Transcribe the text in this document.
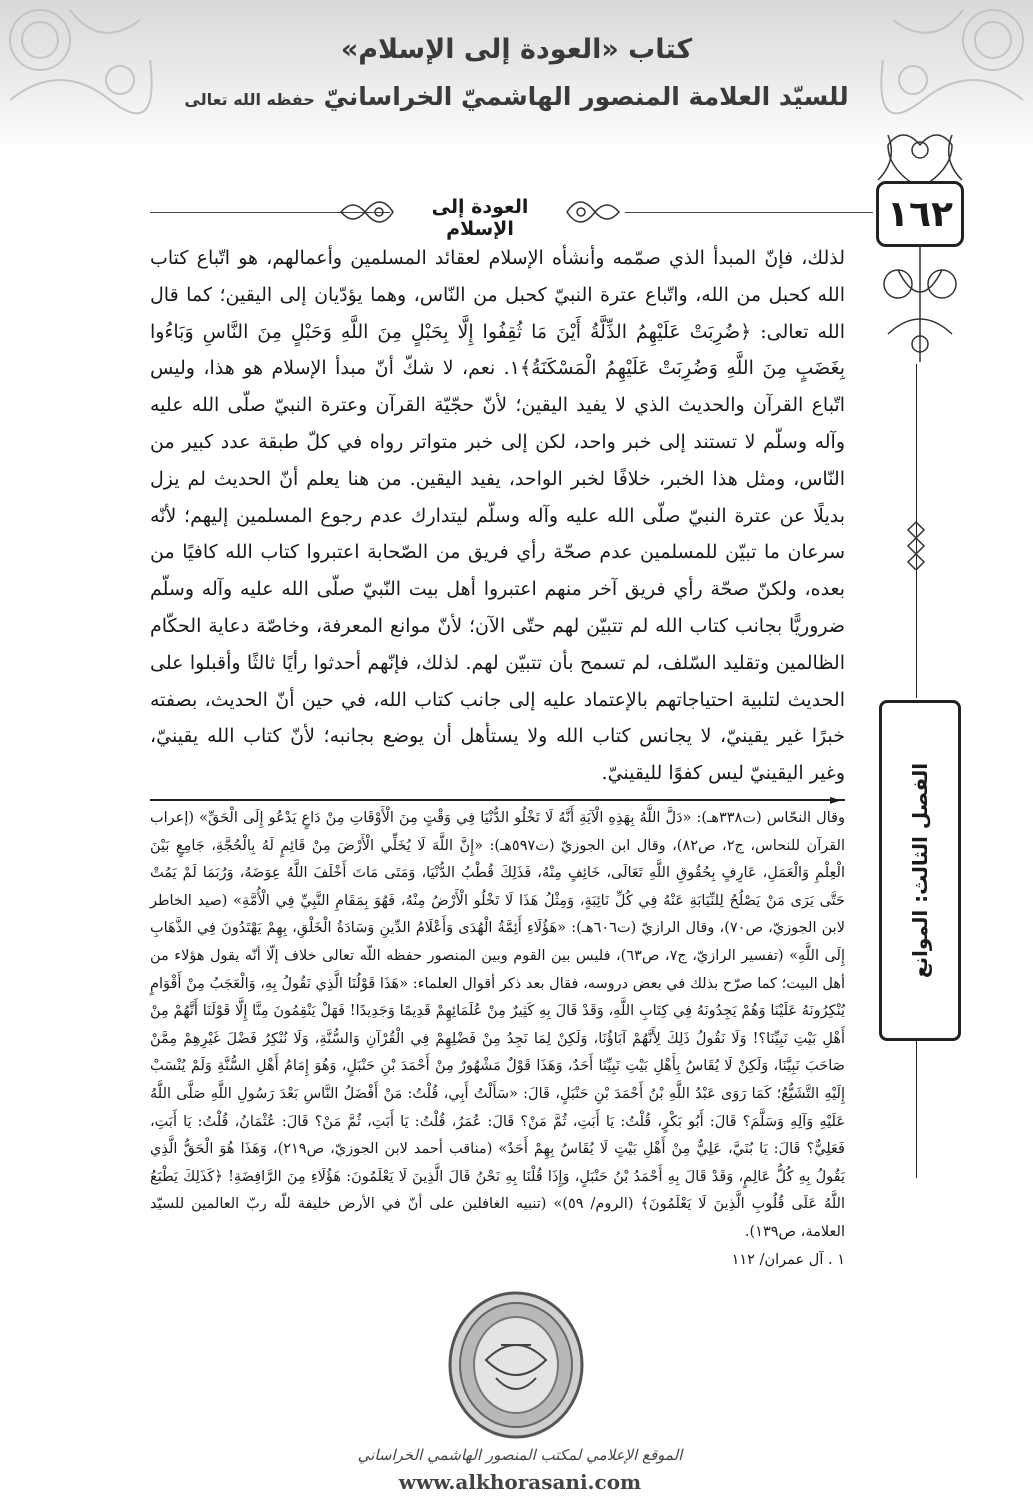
كتاب «العودة إلى الإسلام»
للسيّد العلامة المنصور الهاشميّ الخراسانيّ حفظه الله تعالى
العودة إلى الإسلام	١٦٢
الفصل الثالث: الموانع
لذلك، فإنّ المبدأ الذي صمّمه وأنشأه الإسلام لعقائد المسلمين وأعمالهم، هو اتّباع كتاب الله كحبل من الله، واتّباع عترة النبيّ كحبل من النّاس، وهما يؤدّيان إلى اليقين؛ كما قال الله تعالى: ﴿ضُرِبَتْ عَلَيْهِمُ الذِّلَّةُ أَيْنَ مَا ثُقِفُوا إِلَّا بِحَبْلٍ مِنَ اللَّهِ وَحَبْلٍ مِنَ النَّاسِ وَبَاءُوا بِغَضَبٍ مِنَ اللَّهِ وَضُرِبَتْ عَلَيْهِمُ الْمَسْكَنَةُ﴾١. نعم، لا شكّ أنّ مبدأ الإسلام هو هذا، وليس اتّباع القرآن والحديث الذي لا يفيد اليقين؛ لأنّ حجّيّة القرآن وعترة النبيّ صلّى الله عليه وآله وسلّم لا تستند إلى خبر واحد، لكن إلى خبر متواتر رواه في كلّ طبقة عدد كبير من النّاس، ومثل هذا الخبر، خلافًا لخبر الواحد، يفيد اليقين. من هنا يعلم أنّ الحديث لم يزل بديلًا عن عترة النبيّ صلّى الله عليه وآله وسلّم ليتدارك عدم رجوع المسلمين إليهم؛ لأنّه سرعان ما تبيّن للمسلمين عدم صحّة رأي فريق من الصّحابة اعتبروا كتاب الله كافيًا من بعده، ولكنّ صحّة رأي فريق آخر منهم اعتبروا أهل بيت النّبيّ صلّى الله عليه وآله وسلّم ضروريًّا بجانب كتاب الله لم تتبيّن لهم حتّى الآن؛ لأنّ موانع المعرفة، وخاصّة دعاية الحكّام الظالمين وتقليد السّلف، لم تسمح بأن تتبيّن لهم. لذلك، فإنّهم أحدثوا رأيًا ثالثًا وأقبلوا على الحديث لتلبية احتياجاتهم بالإعتماد عليه إلى جانب كتاب الله، في حين أنّ الحديث، بصفته خبرًا غير يقينيّ، لا يجانس كتاب الله ولا يستأهل أن يوضع بجانبه؛ لأنّ كتاب الله يقينيّ، وغير اليقينيّ ليس كفوًا لليقينيّ.
►

وقال النحّاس (ت٣٣٨هـ): «دَلَّ اللَّهُ بِهَذِهِ الْآيَةِ أَنَّهُ لَا تَخْلُو الدُّنْيَا فِي وَقْتٍ مِنَ الْأَوْقَاتِ مِنْ دَاعٍ يَدْعُو إِلَى الْحَقِّ» (إعراب القرآن للنحاس، ج٢، ص٨٢)، وقال ابن الجوزيّ (ت٥٩٧هـ): «إِنَّ اللَّهَ لَا يُخَلِّي الْأَرْضَ مِنْ قَائِمٍ لَهُ بِالْحُجَّةِ، جَامِعٍ بَيْنَ الْعِلْمِ وَالْعَمَلِ، عَارِفٍ بِحُقُوقِ اللَّهِ تَعَالَى، خَائِفٍ مِنْهُ، فَذَلِكَ قُطْبُ الدُّنْيَا، وَمَتَى مَاتَ أَخْلَفَ اللَّهُ عِوَضَهُ، وَرُبَمَا لَمْ يَمُتْ حَتَّى يَرَى مَنْ يَصْلُحُ لِلنِّيَابَةِ عَنْهُ فِي كُلِّ نَائِبَةٍ، وَمِثْلُ هَذَا لَا تَخْلُو الْأَرْضُ مِنْهُ، فَهُوَ بِمَقَامِ النَّبِيِّ فِي الْأُمَّةِ» (صيد الخاطر لابن الجوزيّ، ص٧٠)، وقال الرازيّ (ت٦٠٦هـ): «هَؤُلَاءِ أَئِمَّةُ الْهُدَى وَأَعْلَامُ الدِّينِ وَسَادَةُ الْخَلْقِ، بِهِمْ يَهْتَدُونَ فِي الذَّهَابِ إِلَى اللَّهِ» (تفسير الرازيّ، ج٧، ص٦٣)، فليس بين القوم وبين المنصور حفظه اللّه تعالى خلاف إلّا أنّه يقول هؤلاء من أهل البيت؛ كما صرّح بذلك في بعض دروسه، فقال بعد ذكر أقوال العلماء: «هَذَا قَوْلُنَا الَّذِي نَقُولُ بِهِ، وَالْعَجَبُ مِنْ أَقْوَامٍ يُنْكِرُونَهُ عَلَيْنَا وَهُمْ يَجِدُونَهُ فِي كِتَابِ اللَّهِ، وَقَدْ قَالَ بِهِ كَثِيرٌ مِنْ عُلَمَائِهِمْ قَدِيمًا وَجَدِيدًا! فَهَلْ يَنْقِمُونَ مِنَّا إِلَّا قَوْلَنَا أَنَّهُمْ مِنْ أَهْلِ بَيْتِ نَبِيِّنَا؟! وَلَا نَقُولُ ذَلِكَ لِأَنَّهُمْ آبَاؤُنَا، وَلَكِنْ لِمَا نَجِدُ مِنْ فَضْلِهِمْ فِي الْقُرْآنِ وَالسُّنَّةِ، وَلَا نُنْكِرُ فَضْلَ غَيْرِهِمْ مِمَّنْ صَاحَبَ نَبِيَّنَا، وَلَكِنْ لَا يُقَاسُ بِأَهْلِ بَيْتِ نَبِيِّنَا أَحَدٌ، وَهَذَا قَوْلٌ مَشْهُورٌ مِنْ أَحْمَدَ بْنِ حَنْبَلٍ، وَهُوَ إِمَامُ أَهْلِ السُّنَّةِ وَلَمْ يُنْسَبْ إِلَيْهِ التَّشَيُّعُ؛ كَمَا رَوَى عَبْدُ اللَّهِ بْنُ أَحْمَدَ بْنِ حَنْبَلٍ، قَالَ: «سَأَلْتُ أَبِي، قُلْتُ: مَنْ أَفْضَلُ النَّاسِ بَعْدَ رَسُولِ اللَّهِ صَلَّى اللَّهُ عَلَيْهِ وَآلِهِ وَسَلَّمَ؟ قَالَ: أَبُو بَكْرٍ، قُلْتُ: يَا أَبَتِ، ثُمَّ مَنْ؟ قَالَ: عُمَرُ، قُلْتُ: يَا أَبَتِ، ثُمَّ مَنْ؟ قَالَ: عُثْمَانُ، قُلْتُ: يَا أَبَتِ، فَعَلِيٌّ؟ قَالَ: يَا بُنَيَّ، عَلِيٌّ مِنْ أَهْلِ بَيْتٍ لَا يُقَاسُ بِهِمْ أَحَدٌ» (مناقب أحمد لابن الجوزيّ، ص٢١٩)، وَهَذَا هُوَ الْحَقُّ الَّذِي يَقُولُ بِهِ كُلُّ عَالِمٍ، وَقَدْ قَالَ بِهِ أَحْمَدُ بْنُ حَنْبَلٍ، وَإِذَا قُلْنَا بِهِ نَحْنُ قَالَ الَّذِينَ لَا يَعْلَمُونَ: هَؤُلَاءِ مِنَ الرَّافِضَةِ! ﴿كَذَلِكَ يَطْبَعُ اللَّهُ عَلَى قُلُوبِ الَّذِينَ لَا يَعْلَمُونَ﴾ (الروم/ ٥٩)» (تنبيه الغافلين على أنّ في الأرض خليفة للّه ربّ العالمين للسيّد العلامة، ص١٣٩).

١ . آل عمران/ ١١٢

الموقع الإعلامي لمكتب المنصور الهاشمي الخراساني
www.alkhorasani.com
